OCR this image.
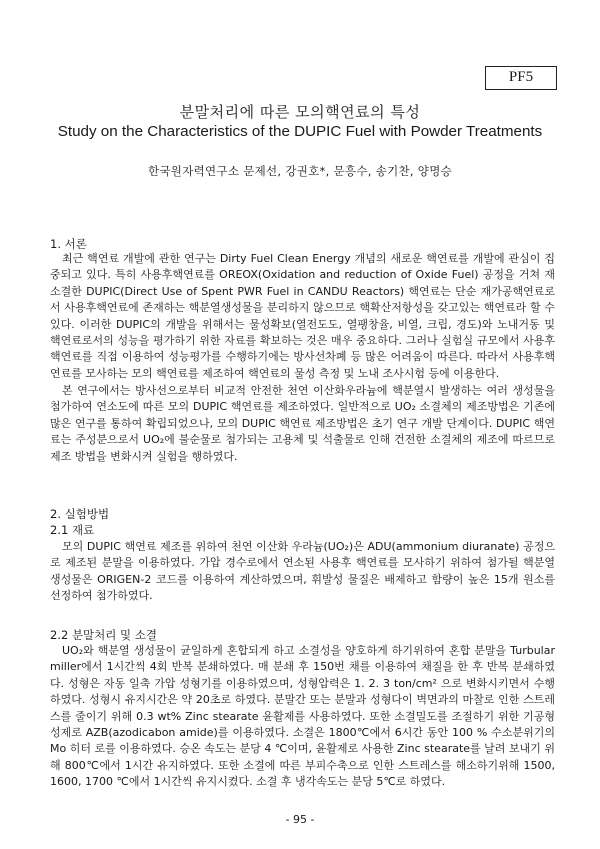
PF5
분말처리에 따른 모의핵연료의 특성
Study on the Characteristics of the DUPIC Fuel with Powder Treatments
한국원자력연구소 문제선, 강권호*, 문흥수, 송기찬, 양명승
1. 서론

최근 핵연료 개발에 관한 연구는 Dirty Fuel Clean Energy 개념의 새로운 핵연료를 개발에 관심이 집중되고 있다. 특히 사용후핵연료를 OREOX(Oxidation and reduction of Oxide Fuel) 공정을 거쳐 재 소결한 DUPIC(Direct Use of Spent PWR Fuel in CANDU Reactors) 핵연료는 단순 재가공핵연료로서 사용후핵연료에 존재하는 핵분열생성물을 분리하지 않으므로 핵확산저항성을 갖고있는 핵연료라 할 수 있다. 이러한 DUPIC의 개발을 위해서는 물성확보(열전도도, 열팽창율, 비열, 크립, 경도)와 노내거동 및 핵연료로서의 성능을 평가하기 위한 자료를 확보하는 것은 매우 중요하다. 그러나 실험실 규모에서 사용후핵연료를 직접 이용하여 성능평가를 수행하기에는 방사선차폐 등 많은 어려움이 따른다. 따라서 사용후핵연료를 모사하는 모의 핵연료를 제조하여 핵연료의 물성 측정 및 노내 조사시험 등에 이용한다.

본 연구에서는 방사선으로부터 비교적 안전한 천연 이산화우라늄에 핵분열시 발생하는 여러 생성물을 첨가하여 연소도에 따른 모의 DUPIC 핵연료를 제조하였다. 일반적으로 UO₂ 소결체의 제조방법은 기존에 많은 연구를 통하여 확립되었으나, 모의 DUPIC 핵연료 제조방법은 초기 연구 개발 단계이다. DUPIC 핵연료는 주성분으로서 UO₂에 불순물로 첨가되는 고용체 및 석출물로 인해 건전한 소결체의 제조에 따르므로 제조 방법을 변화시켜 실험을 행하였다.

2. 실험방법
2.1 재료

모의 DUPIC 핵연료 제조를 위하여 천연 이산화 우라늄(UO₂)은 ADU(ammonium diuranate) 공정으로 제조된 분말을 이용하였다. 가압 경수로에서 연소된 사용후 핵연료를 모사하기 위하여 첨가될 핵분열 생성물은 ORIGEN-2 코드를 이용하여 계산하였으며, 휘발성 물질은 배제하고 함량이 높은 15개 원소를 선정하여 첨가하였다.

2.2 분말처리 및 소결

UO₂와 핵분열 생성물이 균일하게 혼합되게 하고 소결성을 양호하게 하기위하여 혼합 분말을 Turbular miller에서 1시간씩 4회 반복 분쇄하였다. 매 분쇄 후 150번 채를 이용하여 채질을 한 후 반복 분쇄하였다. 성형은 자동 일축 가압 성형기를 이용하였으며, 성형압력은 1. 2. 3 ton/cm² 으로 변화시키면서 수행하였다. 성형시 유지시간은 약 20초로 하였다. 분말간 또는 분말과 성형다이 벽면과의 마찰로 인한 스트레스를 줄이기 위해 0.3 wt% Zinc stearate 윤활제를 사용하였다. 또한 소결밀도를 조절하기 위한 기공형성제로 AZB(azodicabon amide)를 이용하였다. 소결은 1800℃에서 6시간 동안 100 % 수소분위기의 Mo 히터 로를 이용하였다. 승온 속도는 분당 4 ℃이며, 윤활제로 사용한 Zinc stearate를 날려 보내기 위해 800℃에서 1시간 유지하였다. 또한 소결에 따른 부피수축으로 인한 스트레스를 해소하기위해 1500, 1600, 1700 ℃에서 1시간씩 유지시켰다. 소결 후 냉각속도는 분당 5℃로 하였다.

- 95 -
